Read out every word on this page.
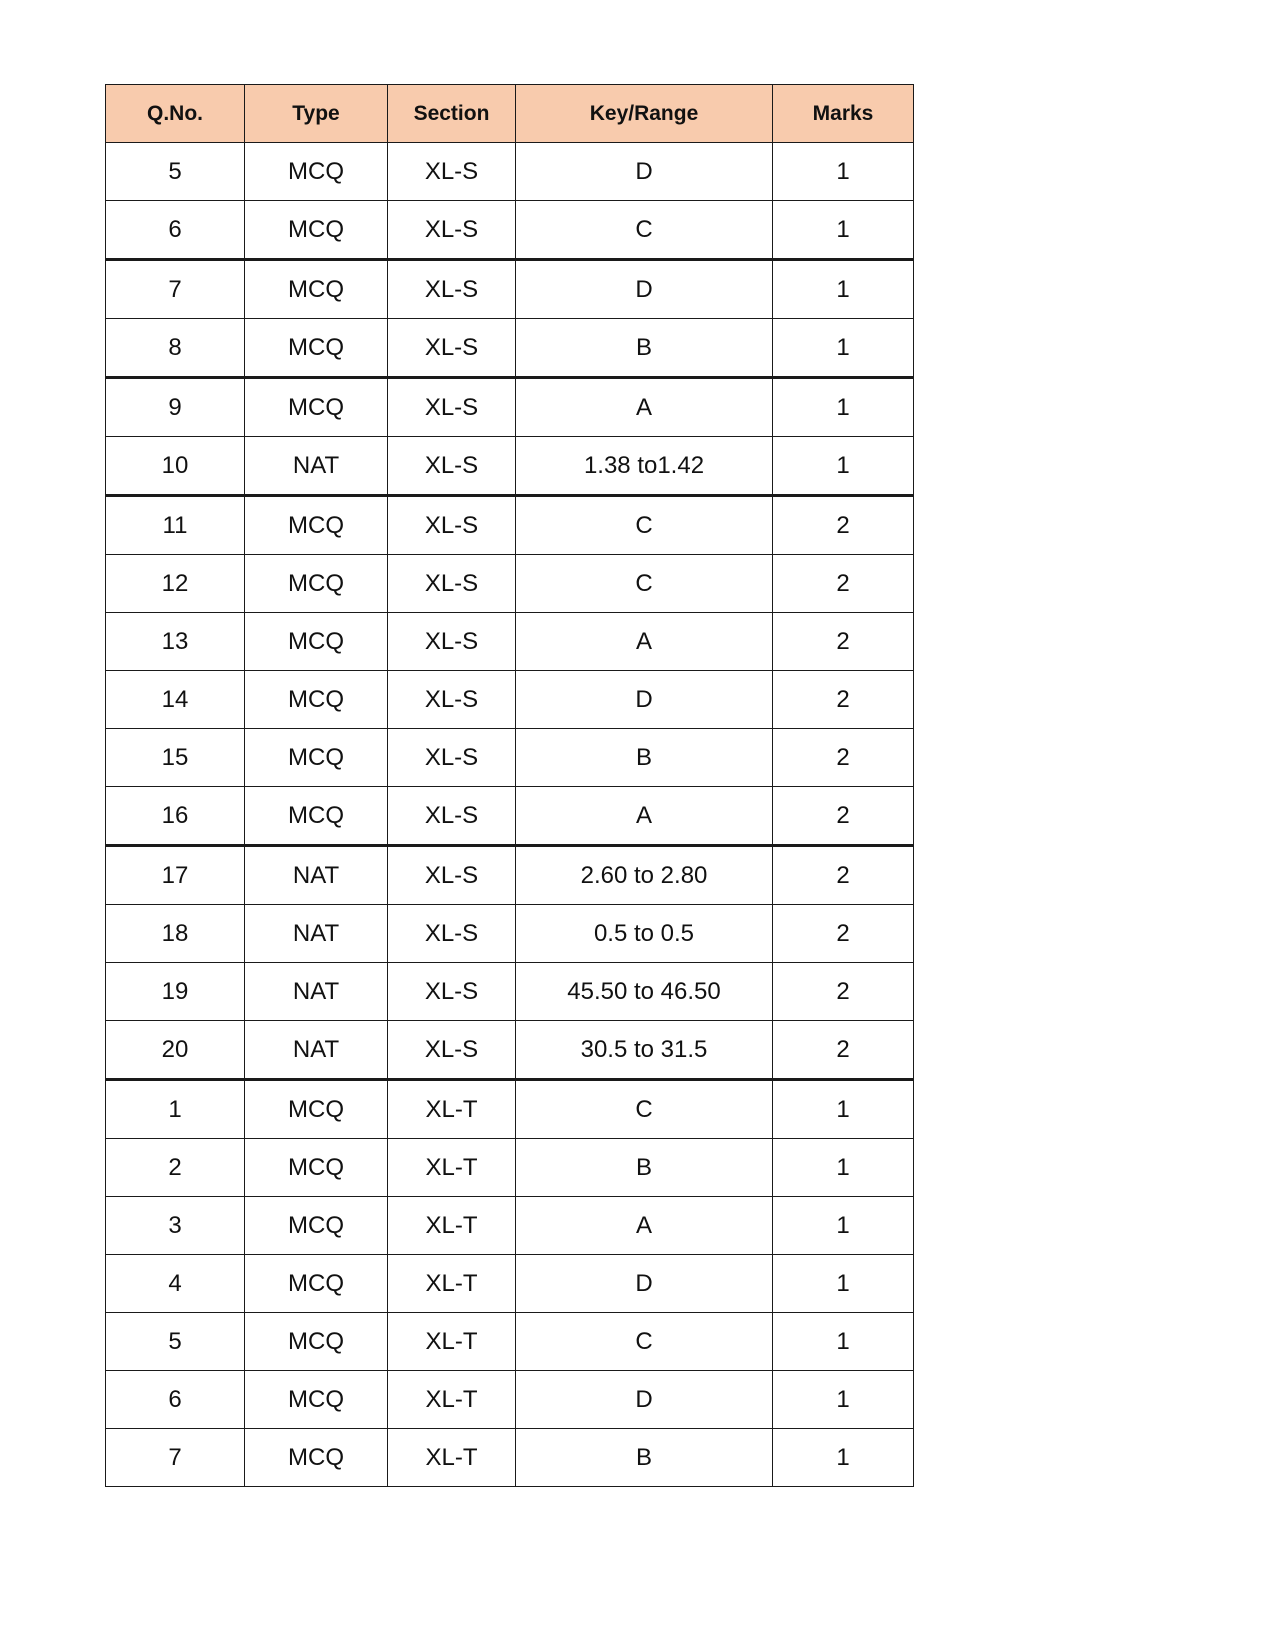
Q.No.	Type	Section	Key/Range	Marks
5	MCQ	XL-S	D	1
6	MCQ	XL-S	C	1
7	MCQ	XL-S	D	1
8	MCQ	XL-S	B	1
9	MCQ	XL-S	A	1
10	NAT	XL-S	1.38 to1.42	1
11	MCQ	XL-S	C	2
12	MCQ	XL-S	C	2
13	MCQ	XL-S	A	2
14	MCQ	XL-S	D	2
15	MCQ	XL-S	B	2
16	MCQ	XL-S	A	2
17	NAT	XL-S	2.60 to 2.80	2
18	NAT	XL-S	0.5 to 0.5	2
19	NAT	XL-S	45.50 to 46.50	2
20	NAT	XL-S	30.5 to 31.5	2
1	MCQ	XL-T	C	1
2	MCQ	XL-T	B	1
3	MCQ	XL-T	A	1
4	MCQ	XL-T	D	1
5	MCQ	XL-T	C	1
6	MCQ	XL-T	D	1
7	MCQ	XL-T	B	1
